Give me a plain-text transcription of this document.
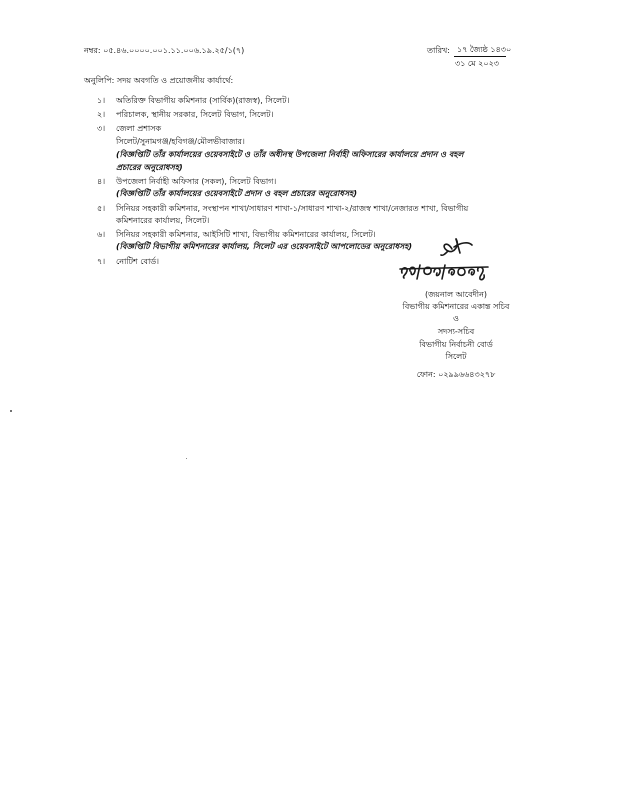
নম্বর: ০৫.৪৬.০০০০.০০১.১১.০০৬.১৯.২৫/১(৭)	তারিখ: ১৭ জ্যৈষ্ঠ ১৪৩০
৩১ মে ২০২৩
অনুলিপি: সদয় অবগতি ও প্রয়োজনীয় কার্যার্থে:
১। অতিরিক্ত বিভাগীয় কমিশনার (সার্বিক)(রাজস্ব), সিলেট।
২। পরিচালক, স্থানীয় সরকার, সিলেট বিভাগ, সিলেট।
৩। জেলা প্রশাসক
সিলেট/সুনামগঞ্জ/হবিগঞ্জ/মৌলভীবাজার।
(বিজ্ঞপ্তিটি তাঁর কার্যালয়ের ওয়েবসাইটে ও তাঁর অধীনস্থ উপজেলা নির্বাহী অফিসারের কার্যালয়ে প্রদান ও বহল
প্রচারের অনুরোধসহ)
৪। উপজেলা নির্বাহী অফিসার (সকল), সিলেট বিভাগ।
(বিজ্ঞপ্তিটি তাঁর কার্যালয়ের ওয়েবসাইটে প্রদান ও বহল প্রচারের অনুরোধসহ)
৫। সিনিয়র সহকারী কমিশনার, সংস্থাপন শাখা/সাধারণ শাখা-১/সাধারণ শাখা-২/রাজস্ব শাখা/নেজারত শাখা, বিভাগীয়
কমিশনারের কার্যালয়, সিলেট।
৬। সিনিয়র সহকারী কমিশনার, আইসিটি শাখা, বিভাগীয় কমিশনারের কার্যালয়, সিলেট।
(বিজ্ঞপ্তিটি বিভাগীয় কমিশনারের কার্যালয়, সিলেট এর ওয়েবসাইটে আপলোডের অনুরোধসহ)
৭। নোটিশ বোর্ড।
(জয়নাল আবেদীন)
বিভাগীয় কমিশনারের একান্ত সচিব
ও
সদস্য-সচিব
বিভাগীয় নির্বাচনী বোর্ড
সিলেট
ফোন: ০২৯৯৬৬৪৩২৭৮
